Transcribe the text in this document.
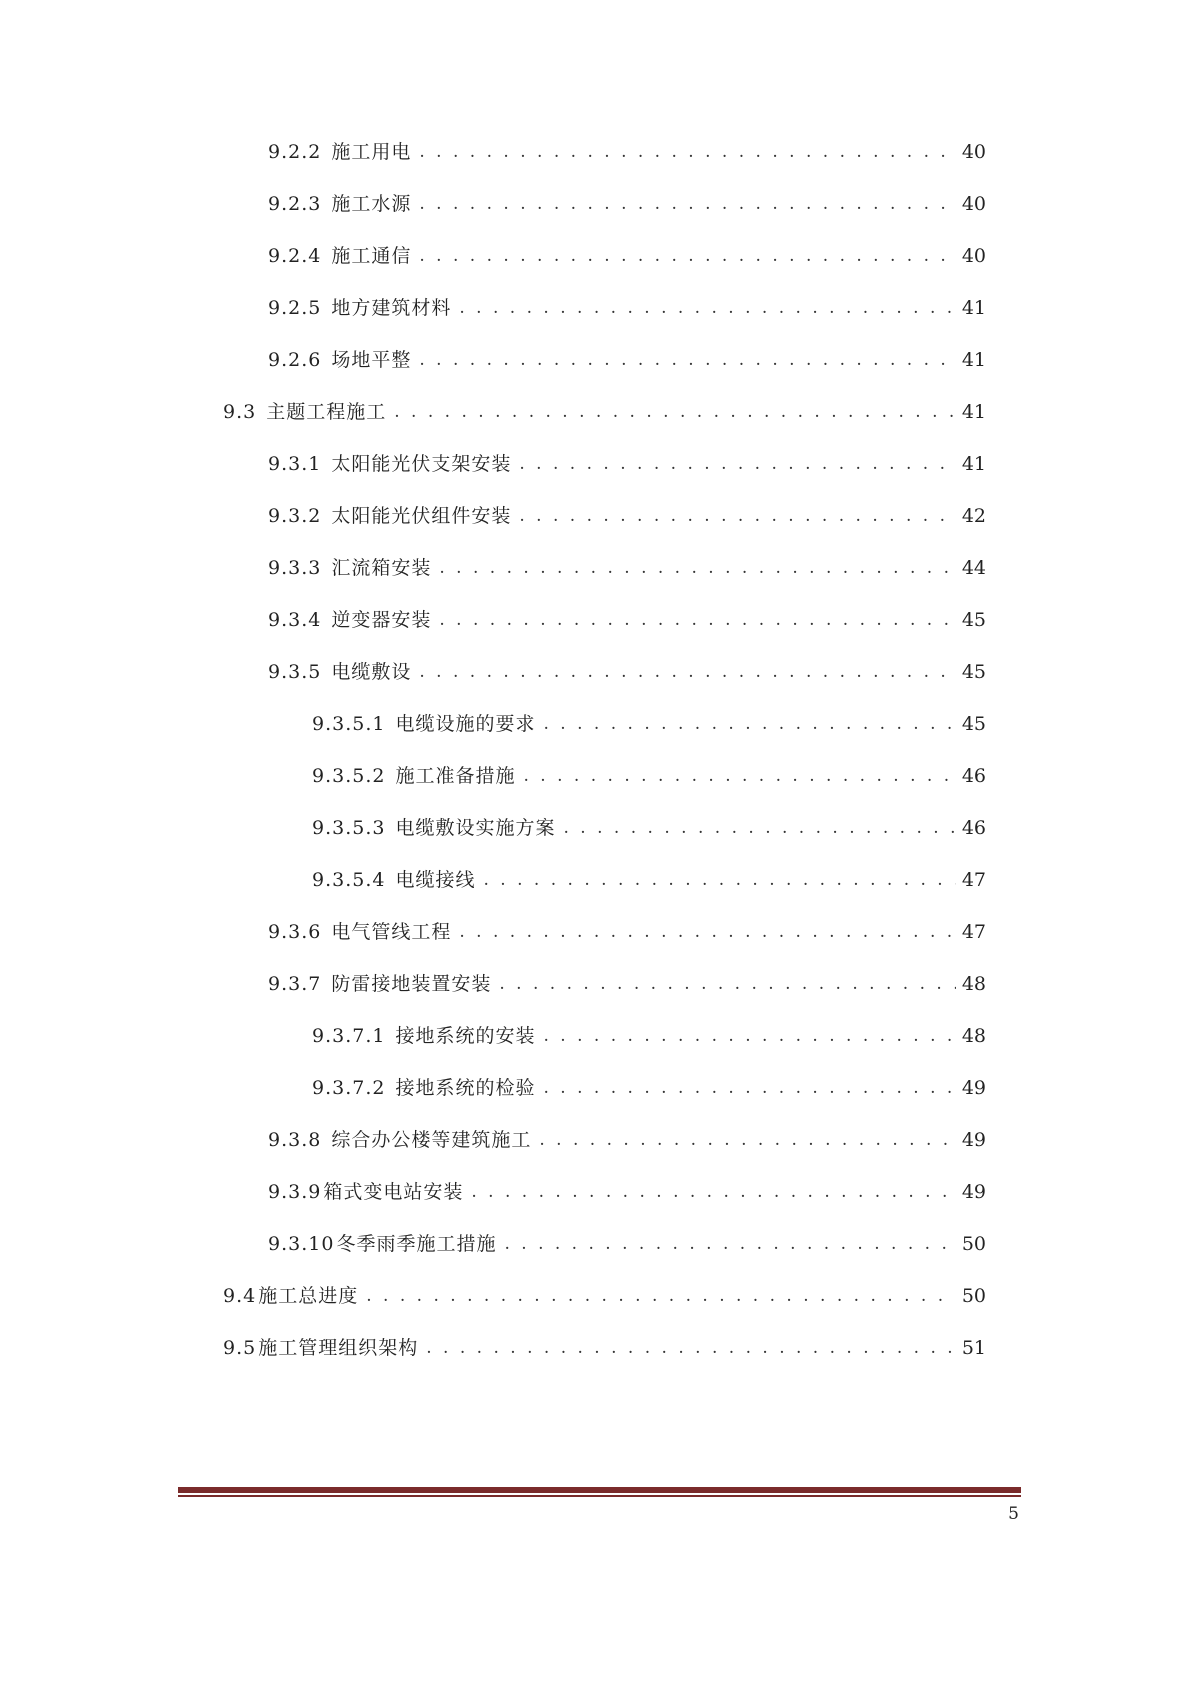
9.2.2 施工用电 . . .	40
9.2.3 施工水源 . . .	40
9.2.4 施工通信 . . .	40
9.2.5 地方建筑材料 . . .	41
9.2.6 场地平整 . . .	41
9.3 主题工程施工 . . .	41
9.3.1 太阳能光伏支架安装 . . .	41
9.3.2 太阳能光伏组件安装 . . .	42
9.3.3 汇流箱安装 . . .	44
9.3.4 逆变器安装 . . .	45
9.3.5 电缆敷设 . . .	45
9.3.5.1 电缆设施的要求 . . .	45
9.3.5.2 施工准备措施 . . .	46
9.3.5.3 电缆敷设实施方案 . . .	46
9.3.5.4 电缆接线 . . .	47
9.3.6 电气管线工程 . . .	47
9.3.7 防雷接地装置安装 . . .	48
9.3.7.1 接地系统的安装 . . .	48
9.3.7.2 接地系统的检验 . . .	49
9.3.8 综合办公楼等建筑施工 . . .	49
9.3.9 箱式变电站安装 . . .	49
9.3.10 冬季雨季施工措施 . . .	50
9.4 施工总进度 . . .	50
9.5 施工管理组织架构 . . .	51
5
